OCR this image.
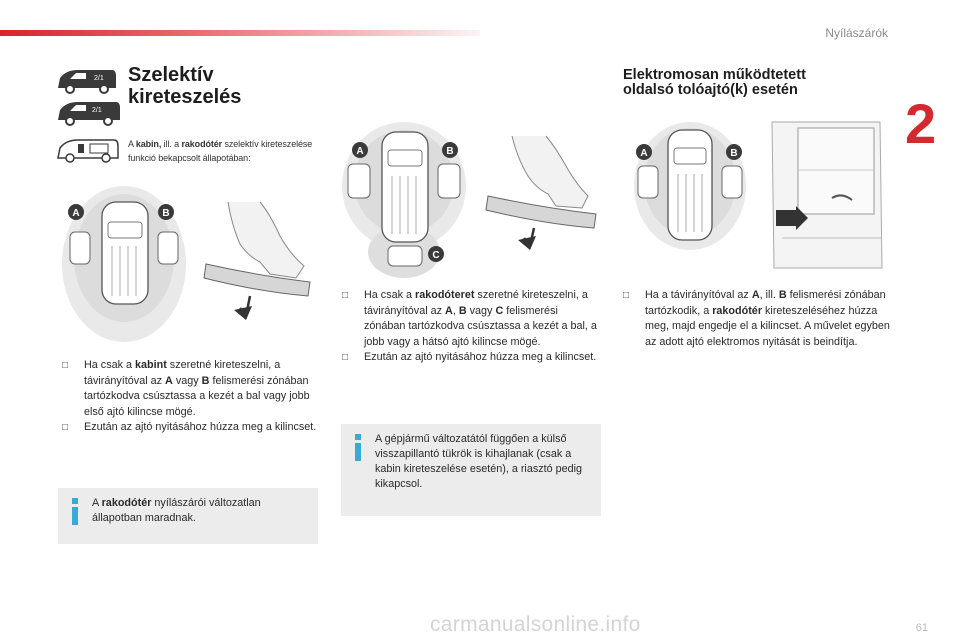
Nyílászárók
2
2/1
2/1
Szelektív
kireteszelés
A kabin, ill. a rakodótér szelektív kireteszelése funkció bekapcsolt állapotában:
A	B
□ Ha csak a kabint szeretné kireteszelni, a távirányítóval az A vagy B felismerési zónában tartózkodva csúsztassa a kezét a bal vagy jobb első ajtó kilincse mögé.
□ Ezután az ajtó nyitásához húzza meg a kilincset.
A rakodótér nyílászárói változatlan állapotban maradnak.
A	B
C
□ Ha csak a rakodóteret szeretné kireteszelni, a távirányítóval az A, B vagy C felismerési zónában tartózkodva csúsztassa a kezét a bal, a jobb vagy a hátsó ajtó kilincse mögé.
□ Ezután az ajtó nyitásához húzza meg a kilincset.
A gépjármű változatától függően a külső visszapillantó tükrök is kihajlanak (csak a kabin kireteszelése esetén), a riasztó pedig kikapcsol.
Elektromosan működtetett
oldalsó tolóajtó(k) esetén
A	B
□ Ha a távirányítóval az A, ill. B felismerési zónában tartózkodik, a rakodótér kireteszeléséhez húzza meg, majd engedje el a kilincset. A művelet egyben az adott ajtó elektromos nyitását is beindítja.
carmanualsonline.info	61
